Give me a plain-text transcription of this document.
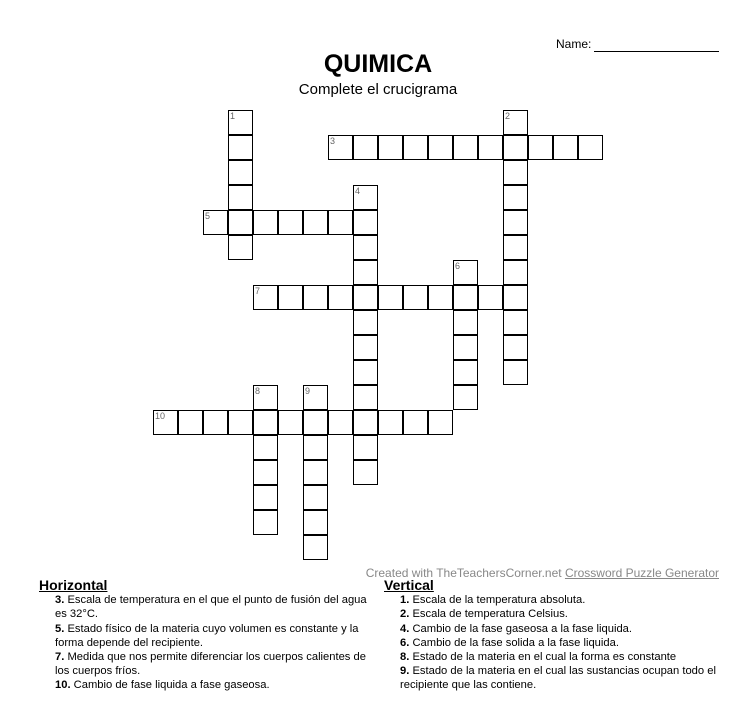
Name:
QUIMICA
Complete el crucigrama
1	2
3
4
5
6
7
8	9
10
Created with TheTeachersCorner.net Crossword Puzzle Generator
Horizontal
3. Escala de temperatura en el que el punto de fusión del agua es 32°C.
5. Estado físico de la materia cuyo volumen es constante y la forma depende del recipiente.
7. Medida que nos permite diferenciar los cuerpos calientes de los cuerpos fríos.
10. Cambio de fase liquida a fase gaseosa.
Vertical
1. Escala de la temperatura absoluta.
2. Escala de temperatura Celsius.
4. Cambio de la fase gaseosa a la fase liquida.
6. Cambio de la fase solida a la fase liquida.
8. Estado de la materia en el cual la forma es constante
9. Estado de la materia en el cual las sustancias ocupan todo el recipiente que las contiene.
